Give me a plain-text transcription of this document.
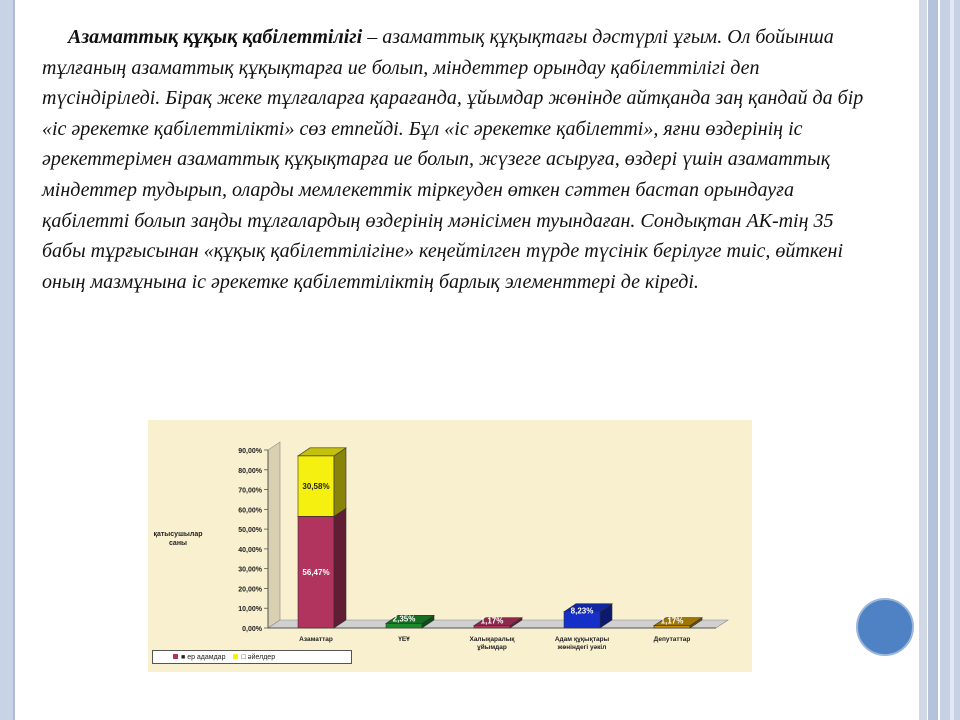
Азаматтық құқық қабілеттілігі – азаматтық құқықтағы дәстүрлі ұғым. Ол бойынша тұлғаның азаматтық құқықтарға ие болып, міндеттер орындау қабілеттілігі деп түсіндіріледі. Бірақ жеке тұлғаларға қарағанда, ұйымдар жөнінде айтқанда заң қандай да бір «іс әрекетке қабілеттілікті» сөз етпейді. Бұл «іс әрекетке қабілетті», яғни өздерінің іс әрекеттерімен азаматтық құқықтарға ие болып, жүзеге асыруға, өздері үшін азаматтық міндеттер тудырып, оларды мемлекеттік тіркеуден өткен сәттен бастап орындауға қабілетті болып заңды тұлғалардың өздерінің мәнісімен туындаған. Сондықтан АК-тің 35 бабы тұрғысынан «құқық қабілеттілігіне» кеңейтілген түрде түсінік берілуге тиіс, өйткені оның мазмұнына іс әрекетке қабілеттіліктің барлық элементтері де кіреді.
0,00%
10,00%
20,00%
30,00%
40,00%
50,00%
60,00%
70,00%
80,00%
90,00%
қатысушылар
саны
56,47%
30,58%
2,35%	1,17%
8,23%
1,17%
Азаматтар	ҮЕҰ	Халықаралық
ұйымдар
Адам құқықтары
жөніндегі уәкіл
Депутаттар
■ ер адамдар	□ әйелдер
